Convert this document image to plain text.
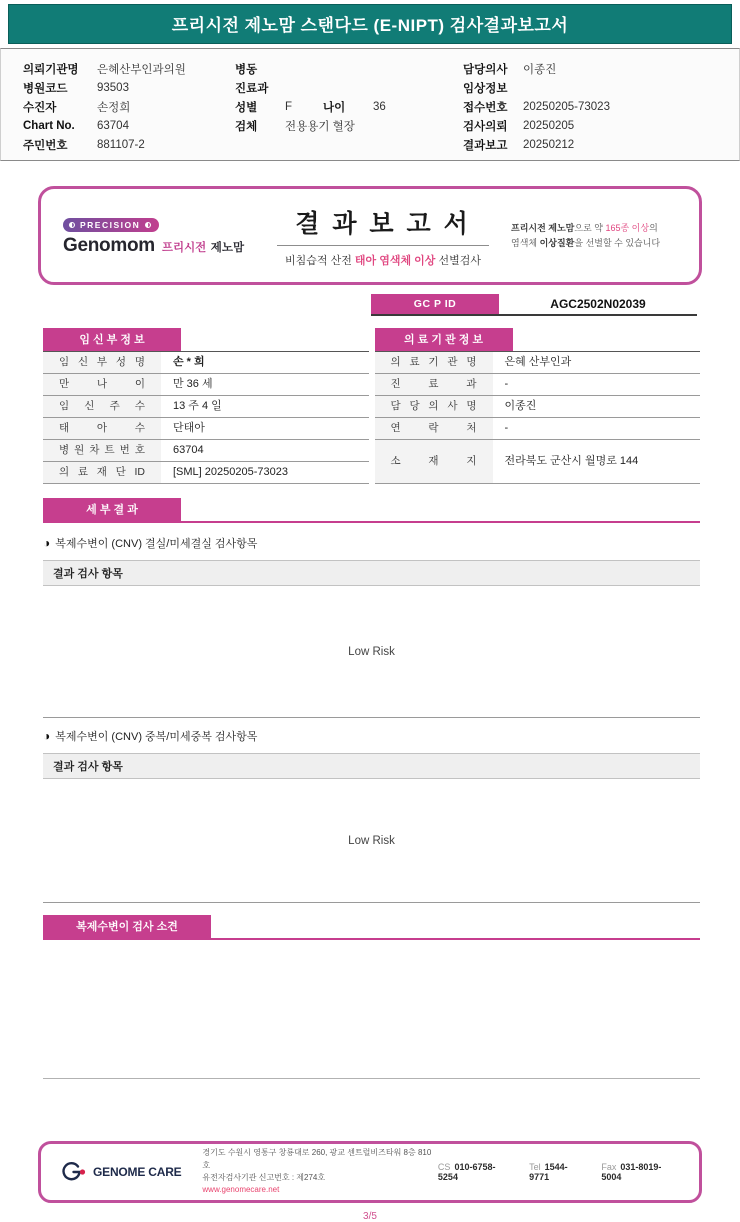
프리시전 제노맘 스탠다드 (E-NIPT) 검사결과보고서
의뢰기관명	은혜산부인과의원
병원코드	93503
수진자	손정희
Chart No.	63704
주민번호	881107-2
병동
진료과
성별	F	나이	36
검체	전용용기 혈장
담당의사	이종진
임상정보
접수번호	20250205-73023
검사의뢰	20250205
결과보고	20250212
PRECISION
Genomom 프리시전 제노맘
결 과 보 고 서
비침습적 산전 태아 염색체 이상 선별검사
프리시전 제노맘으로 약 165종 이상의
염색체 이상질환을 선별할 수 있습니다
GC P ID	AGC2502N02039
임 신 부 정 보
임 신 부 성 명	손 * 희
만 나 이	만 36 세
임 신 주 수	13 주 4 일
태 아 수	단태아
병 원 차 트 번 호	63704
의 료 재 단 ID	[SML] 20250205-73023
의 료 기 관 정 보
의 료 기 관 명	은혜 산부인과
진 료 과	-
담 당 의 사 명	이종진
연 락 처	-
소 재 지	전라북도 군산시 월명로 144
세 부 결 과
◑ 복제수변이 (CNV) 결실/미세결실 검사항목
결과 검사 항목
Low Risk
◑ 복제수변이 (CNV) 중복/미세중복 검사항목
결과 검사 항목
Low Risk
복제수변이 검사 소견
GENOME CARE
경기도 수원시 영통구 창룡대로 260, 광교 센트럴비즈타워 8층 810호
유전자검사기관 신고번호 : 제274호
www.genomecare.net
CS 010-6758-5254
Tel 1544-9771
Fax 031-8019-5004
3/5
